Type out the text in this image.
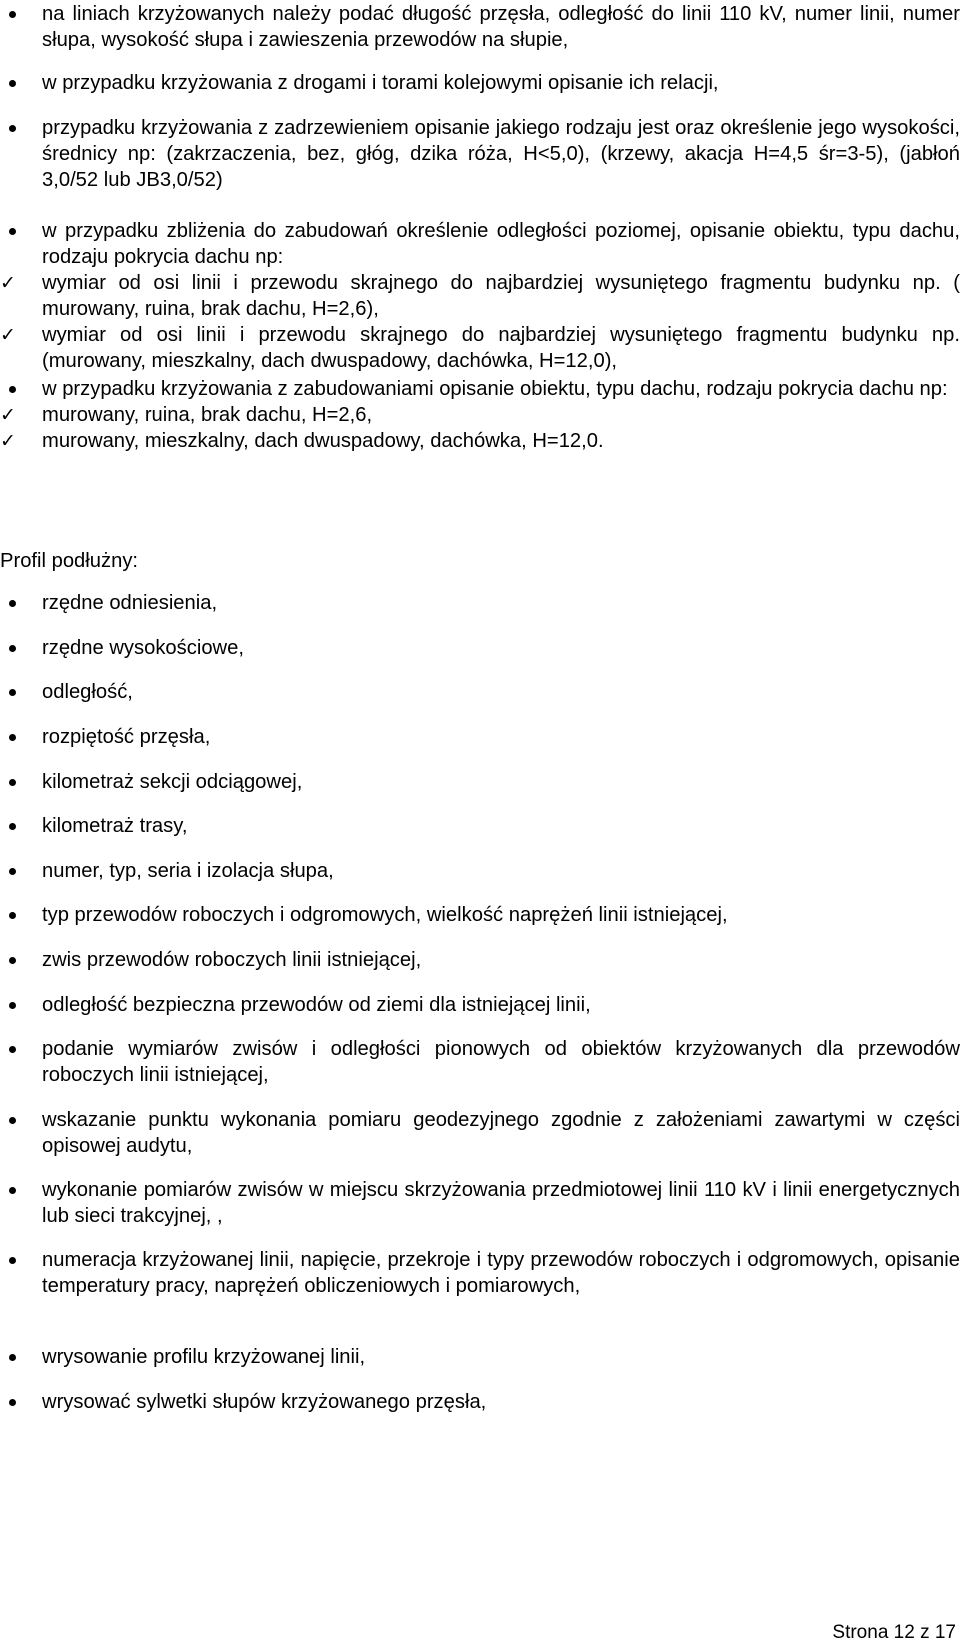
na liniach krzyżowanych należy podać długość przęsła, odległość do linii 110 kV, numer linii, numer słupa, wysokość słupa i zawieszenia przewodów na słupie,
w przypadku krzyżowania z drogami i torami kolejowymi opisanie ich relacji,
przypadku krzyżowania z zadrzewieniem opisanie jakiego rodzaju jest oraz określenie jego wysokości, średnicy np: (zakrzaczenia, bez, głóg, dzika róża, H<5,0), (krzewy, akacja H=4,5 śr=3-5), (jabłoń 3,0/52 lub JB3,0/52)
w przypadku zbliżenia do zabudowań określenie odległości poziomej, opisanie obiektu, typu dachu, rodzaju pokrycia dachu np:
✓	wymiar od osi linii i przewodu skrajnego do najbardziej wysuniętego fragmentu budynku np. ( murowany, ruina, brak dachu, H=2,6),
✓	wymiar od osi linii i przewodu skrajnego do najbardziej wysuniętego fragmentu budynku np.(murowany, mieszkalny, dach dwuspadowy, dachówka, H=12,0),
w przypadku krzyżowania z zabudowaniami opisanie obiektu, typu dachu, rodzaju pokrycia dachu np:
✓	murowany, ruina, brak dachu, H=2,6,
✓	murowany, mieszkalny, dach dwuspadowy, dachówka, H=12,0.
Profil podłużny:
rzędne odniesienia,
rzędne wysokościowe,
odległość,
rozpiętość przęsła,
kilometraż sekcji odciągowej,
kilometraż trasy,
numer, typ, seria i izolacja słupa,
typ przewodów roboczych i odgromowych, wielkość naprężeń linii istniejącej,
zwis przewodów roboczych linii istniejącej,
odległość bezpieczna przewodów od ziemi dla istniejącej linii,
podanie wymiarów zwisów i odległości pionowych od obiektów krzyżowanych dla przewodów roboczych linii istniejącej,
wskazanie punktu wykonania pomiaru geodezyjnego zgodnie z założeniami zawartymi w części opisowej audytu,
wykonanie pomiarów zwisów w miejscu skrzyżowania przedmiotowej linii 110 kV i linii energetycznych lub sieci trakcyjnej, ,
numeracja krzyżowanej linii, napięcie, przekroje i typy przewodów roboczych i odgromowych, opisanie temperatury pracy, naprężeń obliczeniowych i pomiarowych,
wrysowanie profilu krzyżowanej linii,
wrysować sylwetki słupów krzyżowanego przęsła,
Strona 12 z 17
